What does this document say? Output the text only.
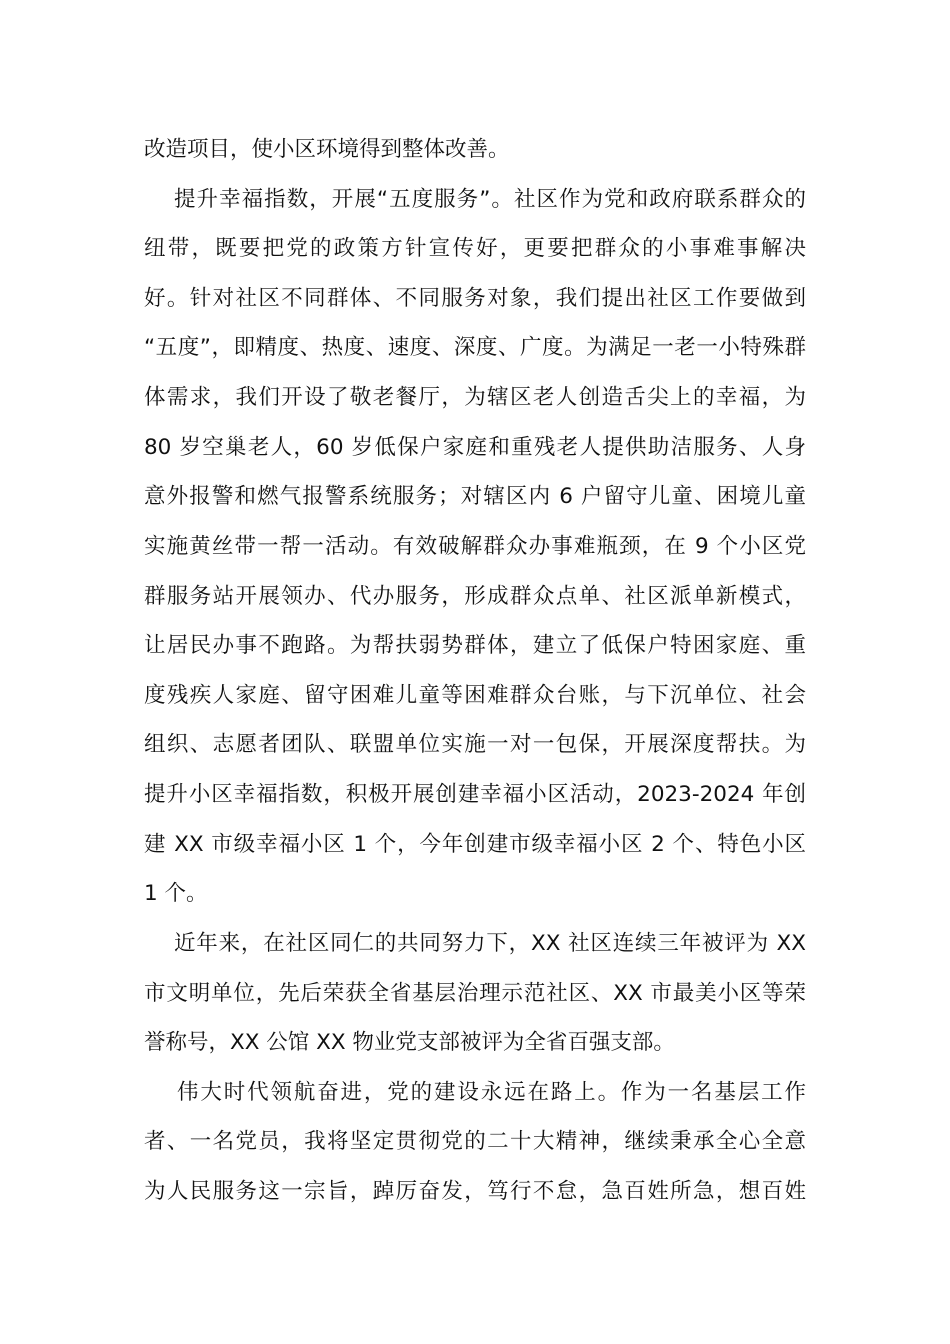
改造项目，使小区环境得到整体改善。
提升幸福指数，开展“五度服务”。社区作为党和政府联系群众的
纽带，既要把党的政策方针宣传好，更要把群众的小事难事解决
好。针对社区不同群体、不同服务对象，我们提出社区工作要做到
“五度”，即精度、热度、速度、深度、广度。为满足一老一小特殊群
体需求，我们开设了敬老餐厅，为辖区老人创造舌尖上的幸福，为
80 岁空巢老人，60 岁低保户家庭和重残老人提供助洁服务、人身
意外报警和燃气报警系统服务；对辖区内 6 户留守儿童、困境儿童
实施黄丝带一帮一活动。有效破解群众办事难瓶颈，在 9 个小区党
群服务站开展领办、代办服务，形成群众点单、社区派单新模式，
让居民办事不跑路。为帮扶弱势群体，建立了低保户特困家庭、重
度残疾人家庭、留守困难儿童等困难群众台账，与下沉单位、社会
组织、志愿者团队、联盟单位实施一对一包保，开展深度帮扶。为
提升小区幸福指数，积极开展创建幸福小区活动，2023-2024 年创
建 XX 市级幸福小区 1 个，今年创建市级幸福小区 2 个、特色小区
1 个。
近年来，在社区同仁的共同努力下，XX 社区连续三年被评为 XX
市文明单位，先后荣获全省基层治理示范社区、XX 市最美小区等荣
誉称号，XX 公馆 XX 物业党支部被评为全省百强支部。
伟大时代领航奋进，党的建设永远在路上。作为一名基层工作
者、一名党员，我将坚定贯彻党的二十大精神，继续秉承全心全意
为人民服务这一宗旨，踔厉奋发，笃行不怠，急百姓所急，想百姓
